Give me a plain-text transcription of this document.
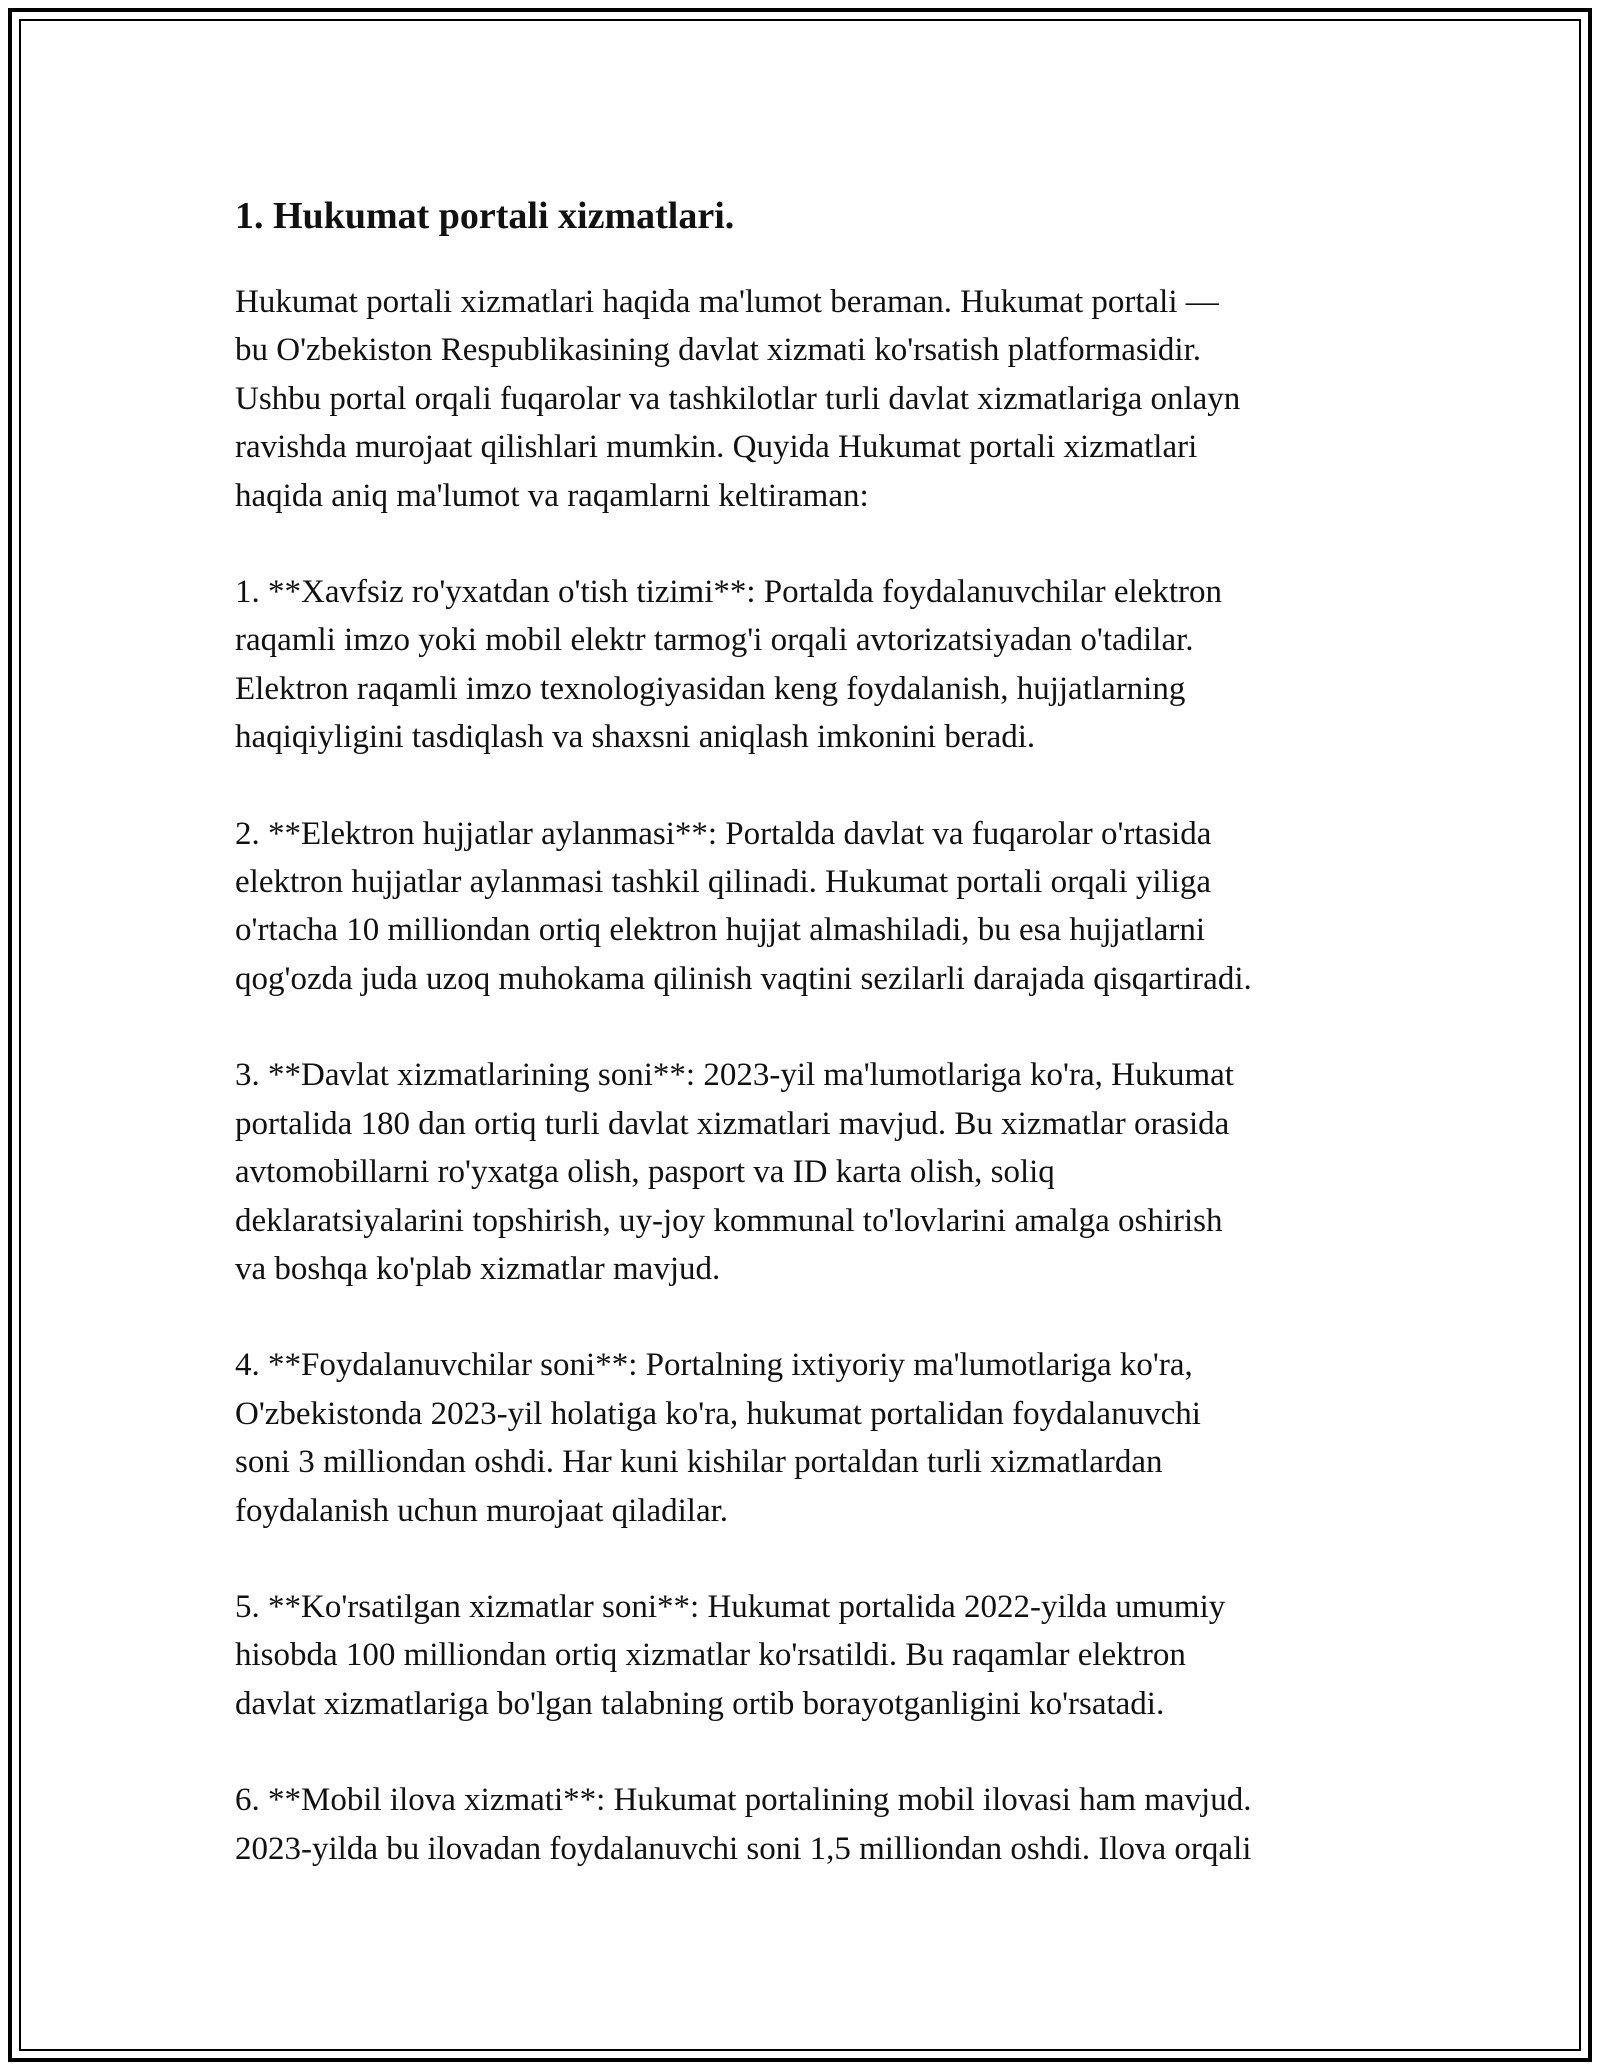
1. Hukumat portali xizmatlari.

Hukumat portali xizmatlari haqida ma'lumot beraman. Hukumat portali —
bu O'zbekiston Respublikasining davlat xizmati ko'rsatish platformasidir.
Ushbu portal orqali fuqarolar va tashkilotlar turli davlat xizmatlariga onlayn
ravishda murojaat qilishlari mumkin. Quyida Hukumat portali xizmatlari
haqida aniq ma'lumot va raqamlarni keltiraman:

1. **Xavfsiz ro'yxatdan o'tish tizimi**: Portalda foydalanuvchilar elektron
raqamli imzo yoki mobil elektr tarmog'i orqali avtorizatsiyadan o'tadilar.
Elektron raqamli imzo texnologiyasidan keng foydalanish, hujjatlarning
haqiqiyligini tasdiqlash va shaxsni aniqlash imkonini beradi.

2. **Elektron hujjatlar aylanmasi**: Portalda davlat va fuqarolar o'rtasida
elektron hujjatlar aylanmasi tashkil qilinadi. Hukumat portali orqali yiliga
o'rtacha 10 milliondan ortiq elektron hujjat almashiladi, bu esa hujjatlarni
qog'ozda juda uzoq muhokama qilinish vaqtini sezilarli darajada qisqartiradi.

3. **Davlat xizmatlarining soni**: 2023-yil ma'lumotlariga ko'ra, Hukumat
portalida 180 dan ortiq turli davlat xizmatlari mavjud. Bu xizmatlar orasida
avtomobillarni ro'yxatga olish, pasport va ID karta olish, soliq
deklaratsiyalarini topshirish, uy-joy kommunal to'lovlarini amalga oshirish
va boshqa ko'plab xizmatlar mavjud.

4. **Foydalanuvchilar soni**: Portalning ixtiyoriy ma'lumotlariga ko'ra,
O'zbekistonda 2023-yil holatiga ko'ra, hukumat portalidan foydalanuvchi
soni 3 milliondan oshdi. Har kuni kishilar portaldan turli xizmatlardan
foydalanish uchun murojaat qiladilar.

5. **Ko'rsatilgan xizmatlar soni**: Hukumat portalida 2022-yilda umumiy
hisobda 100 milliondan ortiq xizmatlar ko'rsatildi. Bu raqamlar elektron
davlat xizmatlariga bo'lgan talabning ortib borayotganligini ko'rsatadi.

6. **Mobil ilova xizmati**: Hukumat portalining mobil ilovasi ham mavjud.
2023-yilda bu ilovadan foydalanuvchi soni 1,5 milliondan oshdi. Ilova orqali
